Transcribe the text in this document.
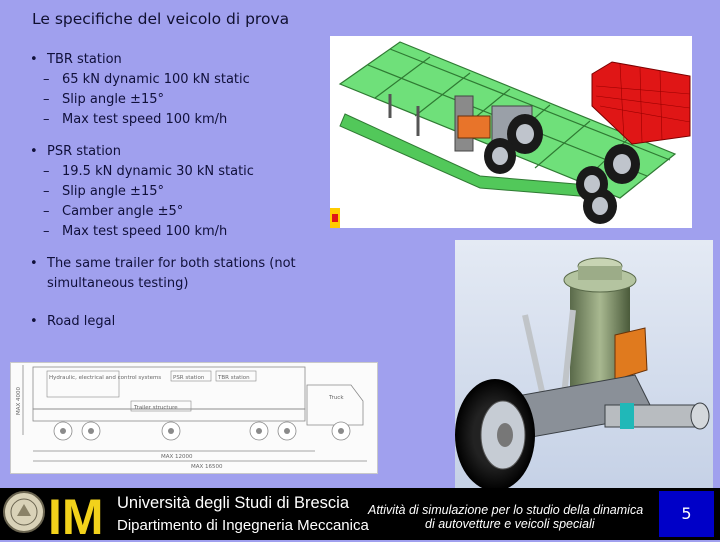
Le specifiche del veicolo di prova
• TBR station
– 65 kN dynamic 100 kN static
– Slip angle ±15°
– Max test speed 100 km/h
• PSR station
– 19.5 kN dynamic 30 kN static
– Slip angle ±15°
– Camber angle ±5°
– Max test speed 100 km/h
• The same trailer for both stations (not simultaneous testing)
• Road legal
Hydraulic, electrical and control systems PSR station TBR station
Truck
Trailer structure
MAX 4000
MAX 12000
MAX 16500
IM Università degli Studi di Brescia
Dipartimento di Ingegneria Meccanica
Attività di simulazione per lo studio della dinamica
di autovetture e veicoli speciali
5
